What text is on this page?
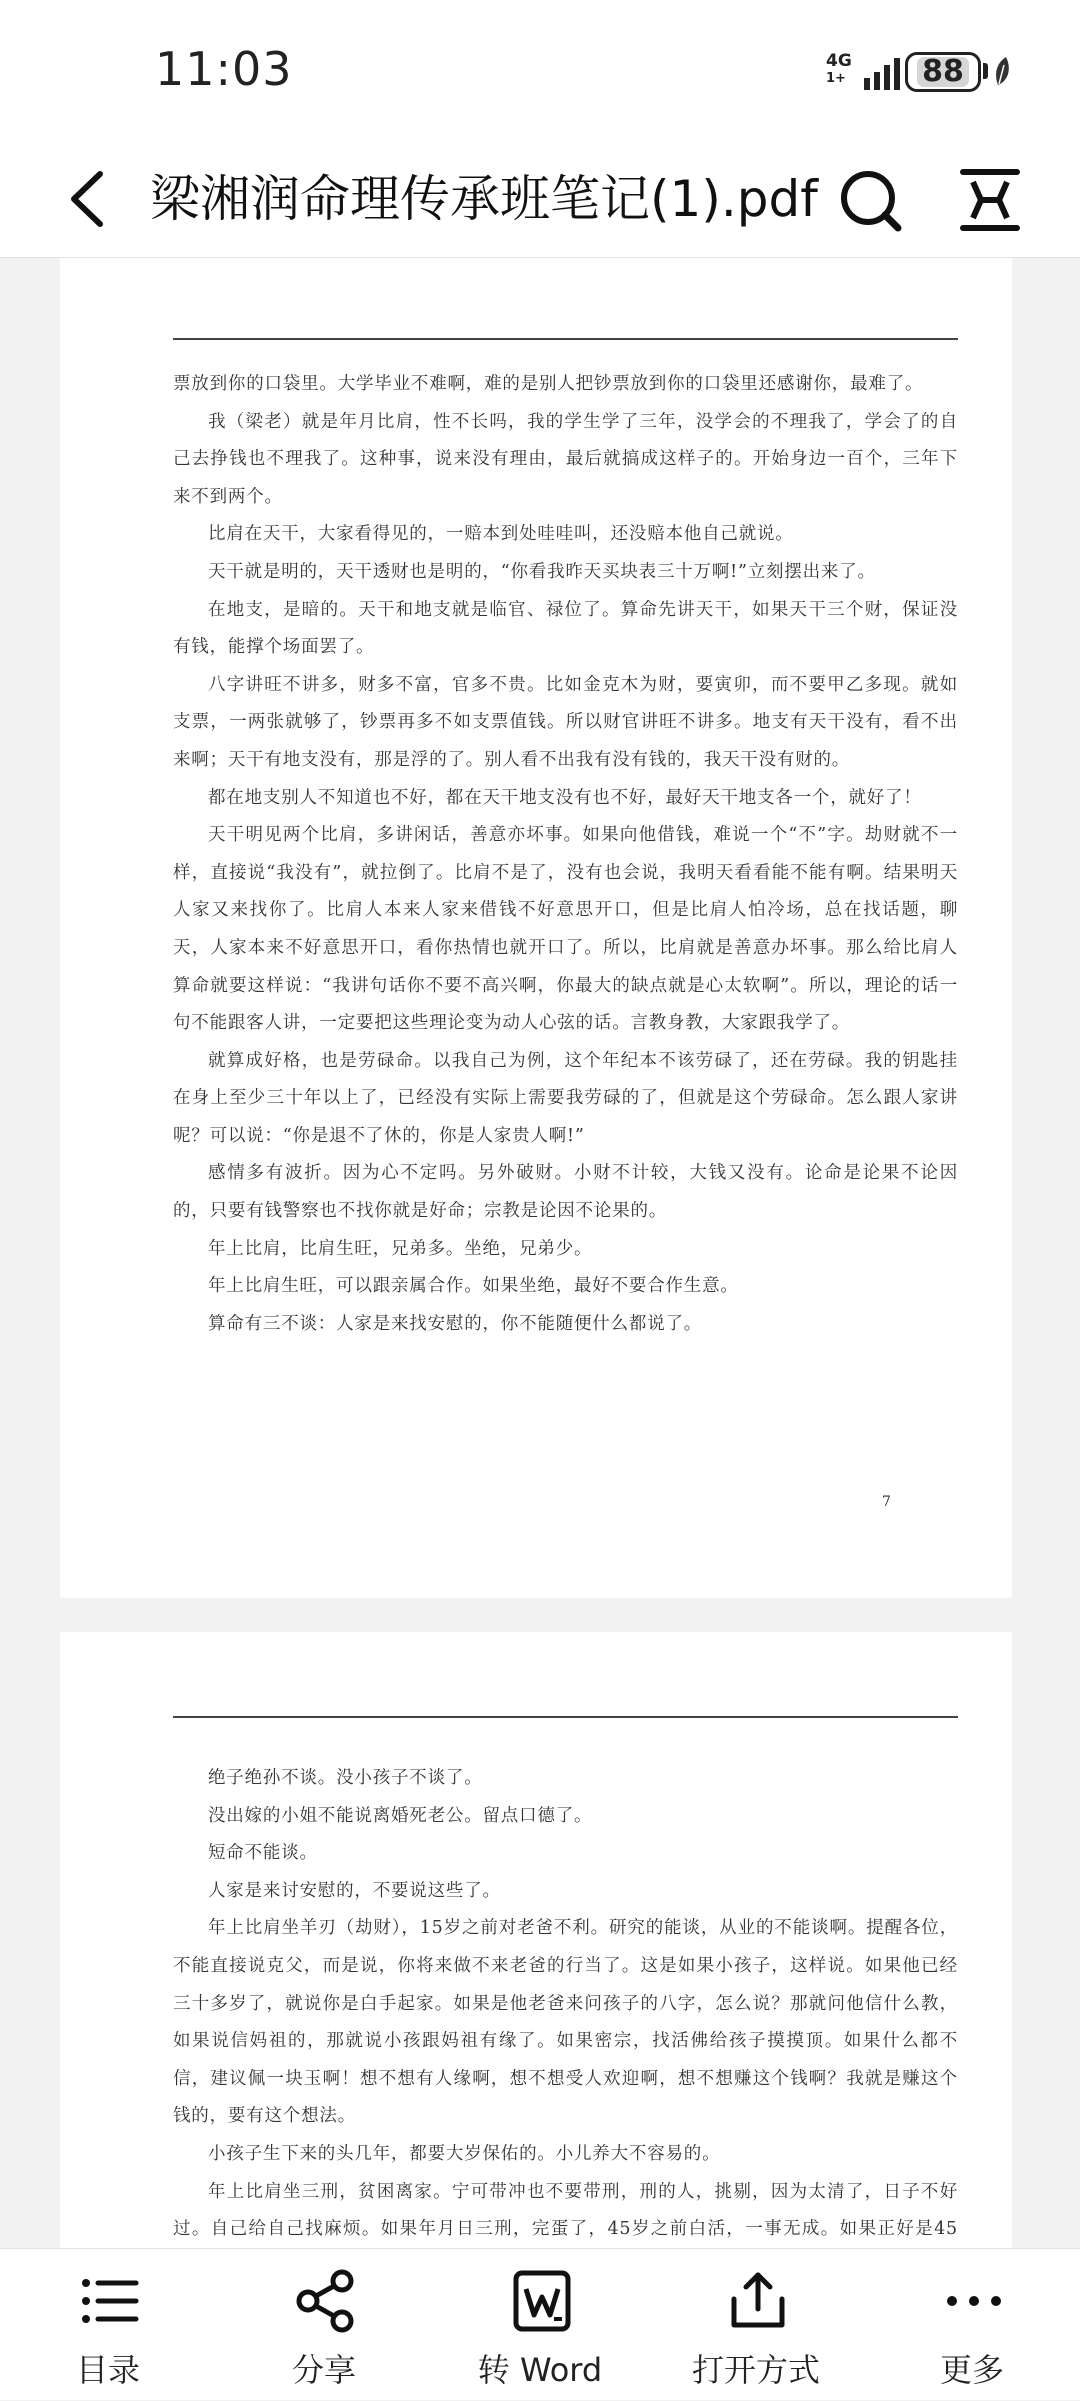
11:03	4G
1+	88
梁湘润命理传承班笔记(1).pdf

票放到你的口袋里。大学毕业不难啊，难的是别人把钞票放到你的口袋里还感谢你，最难了。

我（梁老）就是年月比肩，性不长吗，我的学生学了三年，没学会的不理我了，学会了的自己去挣钱也不理我了。这种事，说来没有理由，最后就搞成这样子的。开始身边一百个，三年下来不到两个。

比肩在天干，大家看得见的，一赔本到处哇哇叫，还没赔本他自己就说。

天干就是明的，天干透财也是明的，“你看我昨天买块表三十万啊!”立刻摆出来了。

在地支，是暗的。天干和地支就是临官、禄位了。算命先讲天干，如果天干三个财，保证没有钱，能撑个场面罢了。

八字讲旺不讲多，财多不富，官多不贵。比如金克木为财，要寅卯，而不要甲乙多现。就如支票，一两张就够了，钞票再多不如支票值钱。所以财官讲旺不讲多。地支有天干没有，看不出来啊；天干有地支没有，那是浮的了。别人看不出我有没有钱的，我天干没有财的。

都在地支别人不知道也不好，都在天干地支没有也不好，最好天干地支各一个，就好了！

天干明见两个比肩，多讲闲话，善意亦坏事。如果向他借钱，难说一个“不”字。劫财就不一样，直接说“我没有”，就拉倒了。比肩不是了，没有也会说，我明天看看能不能有啊。结果明天人家又来找你了。比肩人本来人家来借钱不好意思开口，但是比肩人怕冷场，总在找话题，聊天，人家本来不好意思开口，看你热情也就开口了。所以，比肩就是善意办坏事。那么给比肩人算命就要这样说：“我讲句话你不要不高兴啊，你最大的缺点就是心太软啊”。所以，理论的话一句不能跟客人讲，一定要把这些理论变为动人心弦的话。言教身教，大家跟我学了。

就算成好格，也是劳碌命。以我自己为例，这个年纪本不该劳碌了，还在劳碌。我的钥匙挂在身上至少三十年以上了，已经没有实际上需要我劳碌的了，但就是这个劳碌命。怎么跟人家讲呢？可以说：“你是退不了休的，你是人家贵人啊!”

感情多有波折。因为心不定吗。另外破财。小财不计较，大钱又没有。论命是论果不论因的，只要有钱警察也不找你就是好命；宗教是论因不论果的。

年上比肩，比肩生旺，兄弟多。坐绝，兄弟少。

年上比肩生旺，可以跟亲属合作。如果坐绝，最好不要合作生意。

算命有三不谈：人家是来找安慰的，你不能随便什么都说了。

7

绝子绝孙不谈。没小孩子不谈了。

没出嫁的小姐不能说离婚死老公。留点口德了。

短命不能谈。

人家是来讨安慰的，不要说这些了。

年上比肩坐羊刃（劫财），15岁之前对老爸不利。研究的能谈，从业的不能谈啊。提醒各位，不能直接说克父，而是说，你将来做不来老爸的行当了。这是如果小孩子，这样说。如果他已经三十多岁了，就说你是白手起家。如果是他老爸来问孩子的八字，怎么说？那就问他信什么教，如果说信妈祖的，那就说小孩跟妈祖有缘了。如果密宗，找活佛给孩子摸摸顶。如果什么都不信，建议佩一块玉啊！想不想有人缘啊，想不想受人欢迎啊，想不想赚这个钱啊？我就是赚这个钱的，要有这个想法。

小孩子生下来的头几年，都要大岁保佑的。小儿养大不容易的。

年上比肩坐三刑，贫困离家。宁可带冲也不要带刑，刑的人，挑剔，因为太清了，日子不好过。自己给自己找麻烦。如果年月日三刑，完蛋了，45岁之前白活，一事无成。如果正好是45

目录	分享	转 Word	打开方式	更多
